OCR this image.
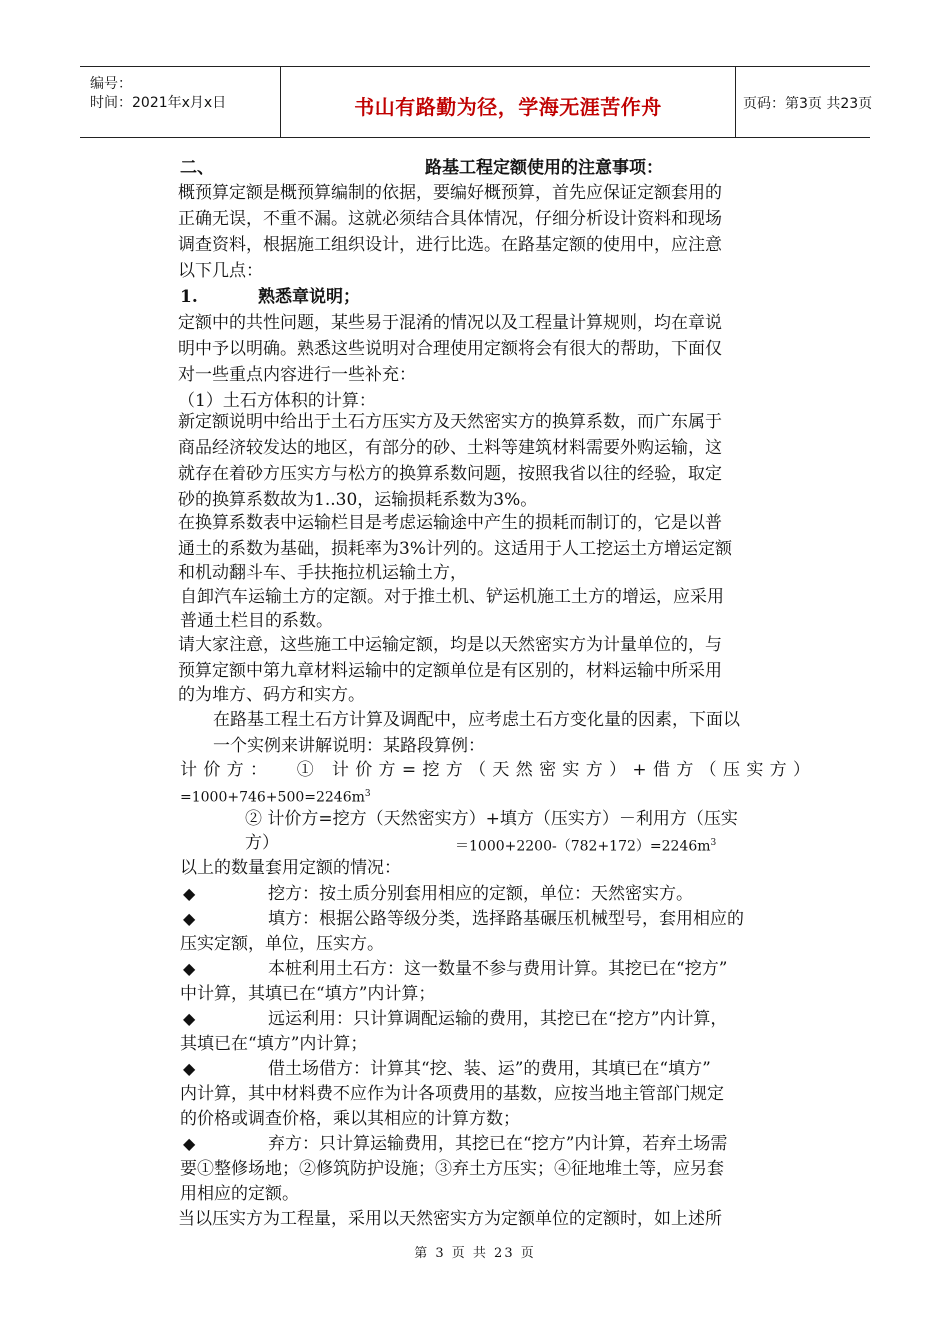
编号：
时间：2021年x月x日	书山有路勤为径，学海无涯苦作舟	页码：第3页 共23页
二、	路基工程定额使用的注意事项：
概预算定额是概预算编制的依据，要编好概预算，首先应保证定额套用的
正确无误，不重不漏。这就必须结合具体情况，仔细分析设计资料和现场
调查资料，根据施工组织设计，进行比选。在路基定额的使用中，应注意
以下几点：
1.	熟悉章说明；
定额中的共性问题，某些易于混淆的情况以及工程量计算规则，均在章说
明中予以明确。熟悉这些说明对合理使用定额将会有很大的帮助，下面仅
对一些重点内容进行一些补充：
（1）土石方体积的计算：
新定额说明中给出于土石方压实方及天然密实方的换算系数，而广东属于
商品经济较发达的地区，有部分的砂、土料等建筑材料需要外购运输，这
就存在着砂方压实方与松方的换算系数问题，按照我省以往的经验，取定
砂的换算系数故为1..30，运输损耗系数为3%。
在换算系数表中运输栏目是考虑运输途中产生的损耗而制订的，它是以普
通土的系数为基础，损耗率为3%计列的。这适用于人工挖运土方增运定额
和机动翻斗车、手扶拖拉机运输土方，
自卸汽车运输土方的定额。对于推土机、铲运机施工土方的增运，应采用
普通土栏目的系数。
请大家注意，这些施工中运输定额，均是以天然密实方为计量单位的，与
预算定额中第九章材料运输中的定额单位是有区别的，材料运输中所采用
的为堆方、码方和实方。
在路基工程土石方计算及调配中，应考虑土石方变化量的因素，下面以
一个实例来讲解说明：某路段算例：
计价方：  ① 计价方=挖方（天然密实方）+借方（压实方）
$=1000+746+500=2246m^3$
② 计价方=挖方（天然密实方）+填方（压实方）－利用方（压实
方）	$=1000+2200-(782+172)=2246m^3$
以上的数量套用定额的情况：
◆	挖方：按土质分别套用相应的定额，单位：天然密实方。
◆	填方：根据公路等级分类，选择路基碾压机械型号，套用相应的
压实定额，单位，压实方。
◆	本桩利用土石方：这一数量不参与费用计算。其挖已在“挖方”
中计算，其填已在“填方”内计算；
◆	远运利用：只计算调配运输的费用，其挖已在“挖方”内计算，
其填已在“填方”内计算；
◆	借土场借方：计算其“挖、装、运”的费用，其填已在“填方”
内计算，其中材料费不应作为计各项费用的基数，应按当地主管部门规定
的价格或调查价格，乘以其相应的计算方数；
◆	弃方：只计算运输费用，其挖已在“挖方”内计算，若弃土场需
要①整修场地；②修筑防护设施；③弃土方压实；④征地堆土等，应另套
用相应的定额。
当以压实方为工程量，采用以天然密实方为定额单位的定额时，如上述所
第 3 页 共 23 页
